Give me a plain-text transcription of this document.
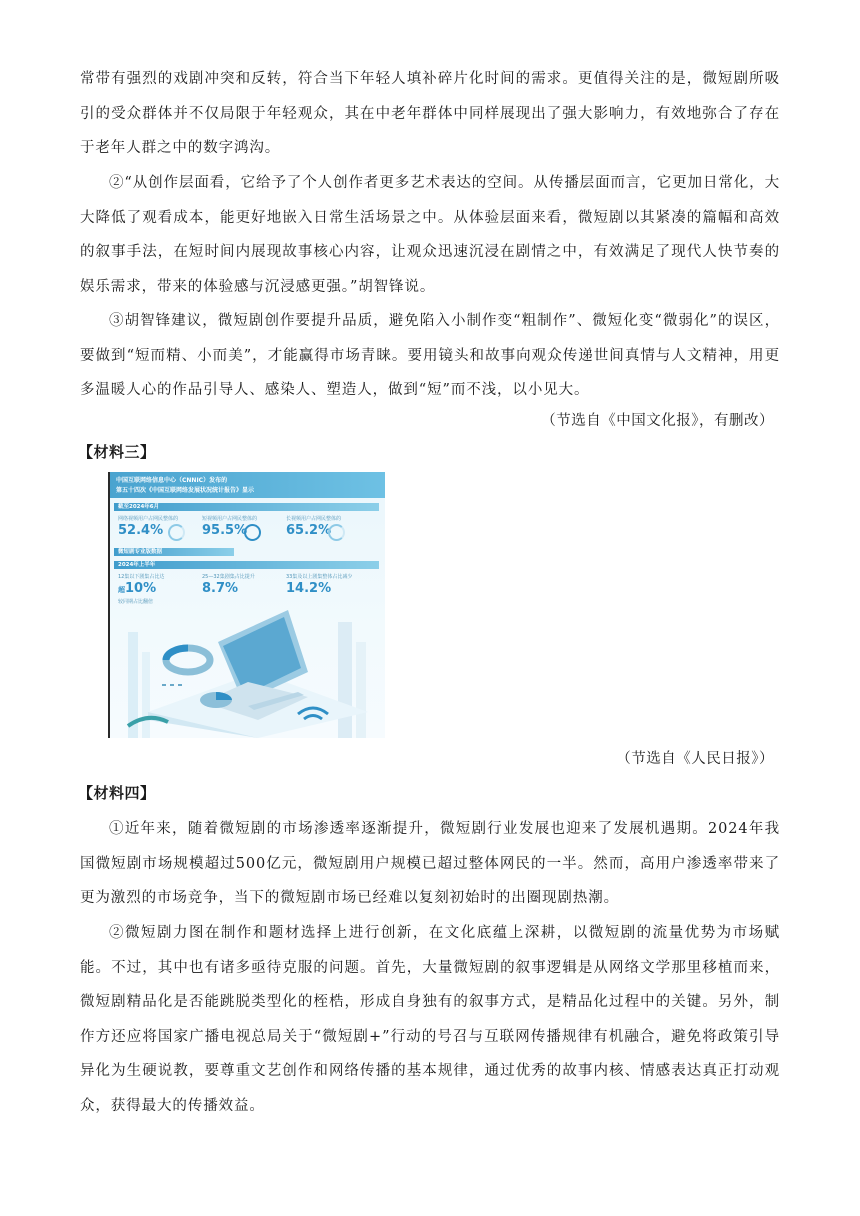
常带有强烈的戏剧冲突和反转，符合当下年轻人填补碎片化时间的需求。更值得关注的是，微短剧所吸引的受众群体并不仅局限于年轻观众，其在中老年群体中同样展现出了强大影响力，有效地弥合了存在于老年人群之中的数字鸿沟。

②“从创作层面看，它给予了个人创作者更多艺术表达的空间。从传播层面而言，它更加日常化，大大降低了观看成本，能更好地嵌入日常生活场景之中。从体验层面来看，微短剧以其紧凑的篇幅和高效的叙事手法，在短时间内展现故事核心内容，让观众迅速沉浸在剧情之中，有效满足了现代人快节奏的娱乐需求，带来的体验感与沉浸感更强。”胡智锋说。

③胡智锋建议，微短剧创作要提升品质，避免陷入小制作变“粗制作”、微短化变“微弱化”的误区，要做到“短而精、小而美”，才能赢得市场青睐。要用镜头和故事向观众传递世间真情与人文精神，用更多温暖人心的作品引导人、感染人、塑造人，做到“短”而不浅，以小见大。

（节选自《中国文化报》，有删改）

【材料三】

中国互联网络信息中心（CNNIC）发布的
第五十四次《中国互联网络发展状况统计报告》显示
截至2024年6月
网络视频用户占网民整体的
52.4%
短视频用户占网民整体的
95.5%
长视频用户占网民整体的
65.2%
微短剧专业版数据
2024年上半年
12集以下剧集占比达
超10%
较同期占比翻倍
25—32集剧集占比提升
8.7%
33集及以上剧集整体占比减少
14.2%

（节选自《人民日报》）

【材料四】

①近年来，随着微短剧的市场渗透率逐渐提升，微短剧行业发展也迎来了发展机遇期。2024年我国微短剧市场规模超过500亿元，微短剧用户规模已超过整体网民的一半。然而，高用户渗透率带来了更为激烈的市场竞争，当下的微短剧市场已经难以复刻初始时的出圈现剧热潮。

②微短剧力图在制作和题材选择上进行创新，在文化底蕴上深耕，以微短剧的流量优势为市场赋能。不过，其中也有诸多亟待克服的问题。首先，大量微短剧的叙事逻辑是从网络文学那里移植而来，微短剧精品化是否能跳脱类型化的桎梏，形成自身独有的叙事方式，是精品化过程中的关键。另外，制作方还应将国家广播电视总局关于“微短剧+”行动的号召与互联网传播规律有机融合，避免将政策引导异化为生硬说教，要尊重文艺创作和网络传播的基本规律，通过优秀的故事内核、情感表达真正打动观众，获得最大的传播效益。
